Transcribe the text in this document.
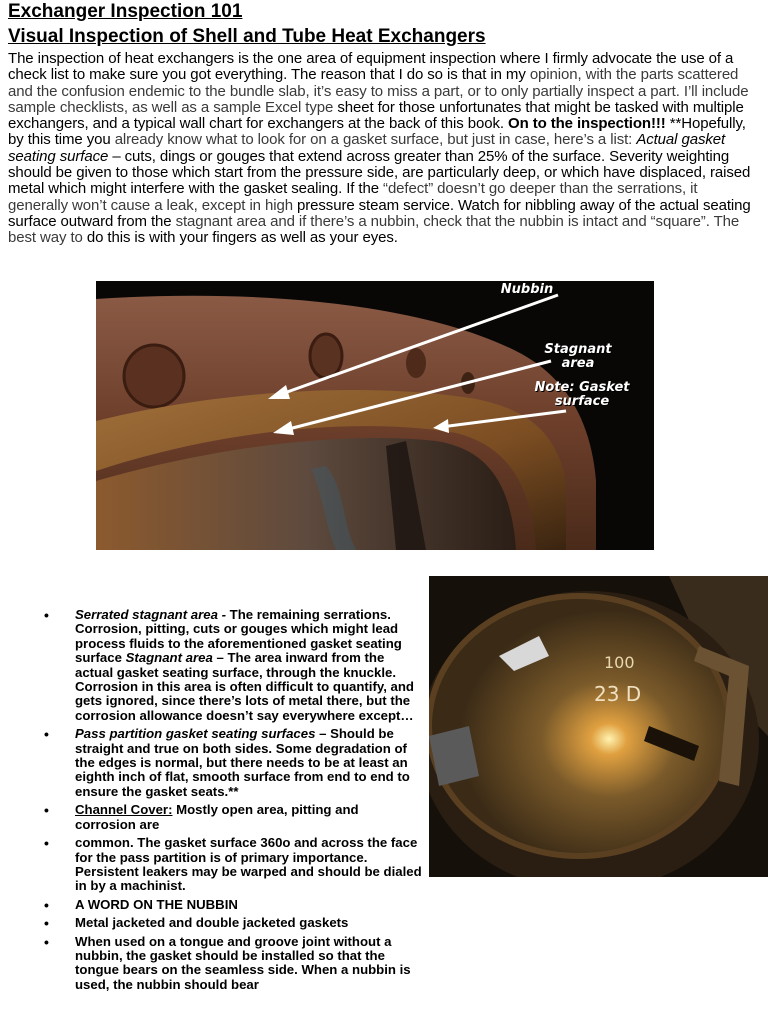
Exchanger Inspection 101
Visual Inspection of Shell and Tube Heat Exchangers
The inspection of heat exchangers is the one area of equipment inspection where I firmly advocate the use of a check list to make sure you got everything. The reason that I do so is that in my opinion, with the parts scattered and the confusion endemic to the bundle slab, it’s easy to miss a part, or to only partially inspect a part. I’ll include sample checklists, as well as a sample Excel type sheet for those unfortunates that might be tasked with multiple exchangers, and a typical wall chart for exchangers at the back of this book. On to the inspection!!! **Hopefully, by this time you already know what to look for on a gasket surface, but just in case, here’s a list: Actual gasket seating surface – cuts, dings or gouges that extend across greater than 25% of the surface. Severity weighting should be given to those which start from the pressure side, are particularly deep, or which have displaced, raised metal which might interfere with the gasket sealing. If the “defect” doesn’t go deeper than the serrations, it generally won’t cause a leak, except in high pressure steam service. Watch for nibbling away of the actual seating surface outward from the stagnant area and if there’s a nubbin, check that the nubbin is intact and “square”. The best way to do this is with your fingers as well as your eyes.
Nubbin
Stagnant area
Note: Gasket surface
100
23 D
• Serrated stagnant area - The remaining serrations. Corrosion, pitting, cuts or gouges which might lead process fluids to the aforementioned gasket seating surface Stagnant area – The area inward from the actual gasket seating surface, through the knuckle. Corrosion in this area is often difficult to quantify, and gets ignored, since there’s lots of metal there, but the corrosion allowance doesn’t say everywhere except…
• Pass partition gasket seating surfaces – Should be straight and true on both sides. Some degradation of the edges is normal, but there needs to be at least an eighth inch of flat, smooth surface from end to end to ensure the gasket seats.**
• Channel Cover: Mostly open area, pitting and corrosion are
• common. The gasket surface 360o and across the face for the pass partition is of primary importance. Persistent leakers may be warped and should be dialed in by a machinist.
• A WORD ON THE NUBBIN
• Metal jacketed and double jacketed gaskets
• When used on a tongue and groove joint without a nubbin, the gasket should be installed so that the tongue bears on the seamless side. When a nubbin is used, the nubbin should bear
